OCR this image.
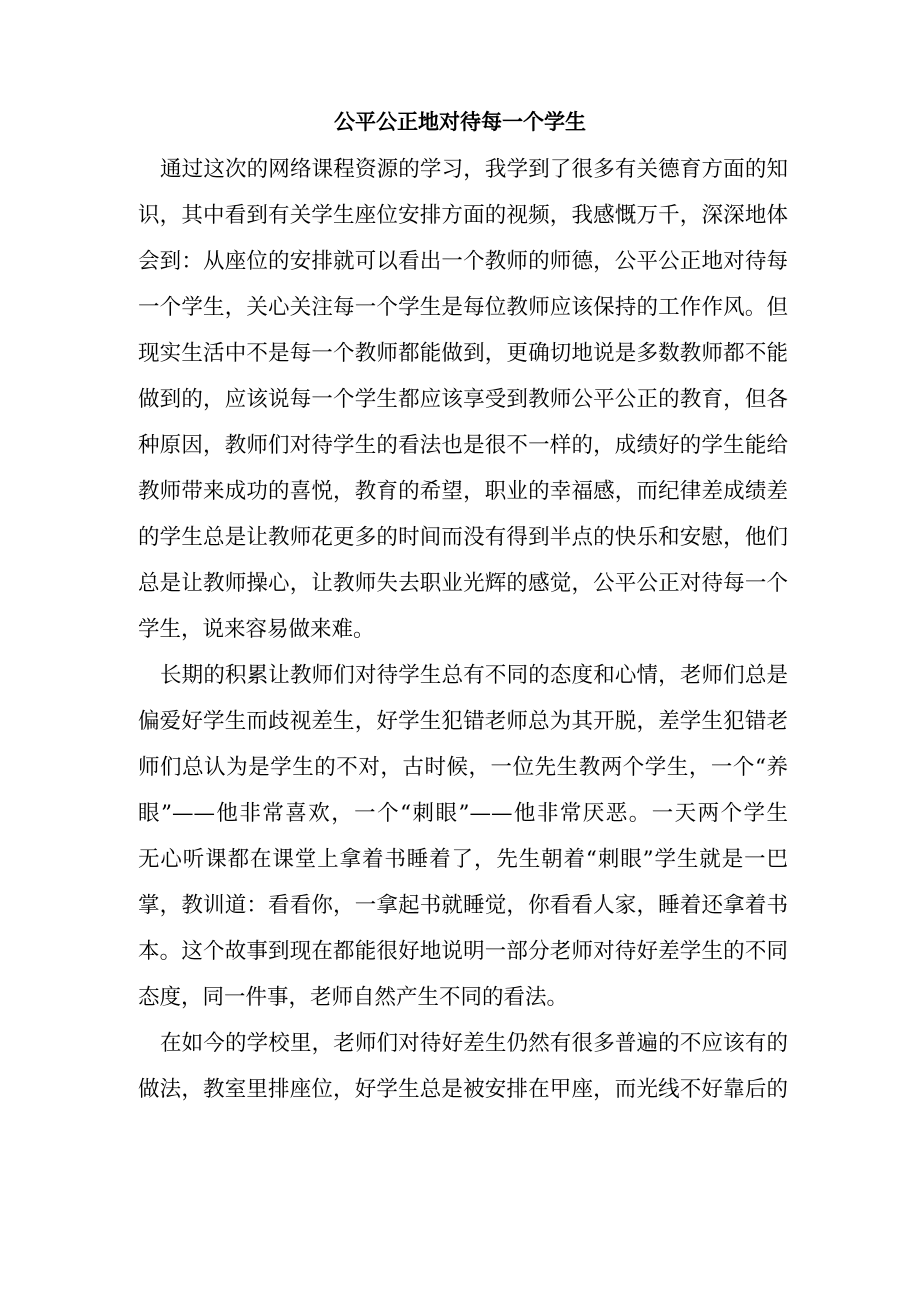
公平公正地对待每一个学生
通过这次的网络课程资源的学习，我学到了很多有关德育方面的知
识，其中看到有关学生座位安排方面的视频，我感慨万千，深深地体
会到：从座位的安排就可以看出一个教师的师德，公平公正地对待每
一个学生，关心关注每一个学生是每位教师应该保持的工作作风。但
现实生活中不是每一个教师都能做到，更确切地说是多数教师都不能
做到的，应该说每一个学生都应该享受到教师公平公正的教育，但各
种原因，教师们对待学生的看法也是很不一样的，成绩好的学生能给
教师带来成功的喜悦，教育的希望，职业的幸福感，而纪律差成绩差
的学生总是让教师花更多的时间而没有得到半点的快乐和安慰，他们
总是让教师操心，让教师失去职业光辉的感觉，公平公正对待每一个
学生，说来容易做来难。
长期的积累让教师们对待学生总有不同的态度和心情，老师们总是
偏爱好学生而歧视差生，好学生犯错老师总为其开脱，差学生犯错老
师们总认为是学生的不对，古时候，一位先生教两个学生，一个“养
眼”——他非常喜欢，一个“刺眼”——他非常厌恶。一天两个学生
无心听课都在课堂上拿着书睡着了，先生朝着“刺眼”学生就是一巴
掌，教训道：看看你，一拿起书就睡觉，你看看人家，睡着还拿着书
本。这个故事到现在都能很好地说明一部分老师对待好差学生的不同
态度，同一件事，老师自然产生不同的看法。
在如今的学校里，老师们对待好差生仍然有很多普遍的不应该有的
做法，教室里排座位，好学生总是被安排在甲座，而光线不好靠后的
